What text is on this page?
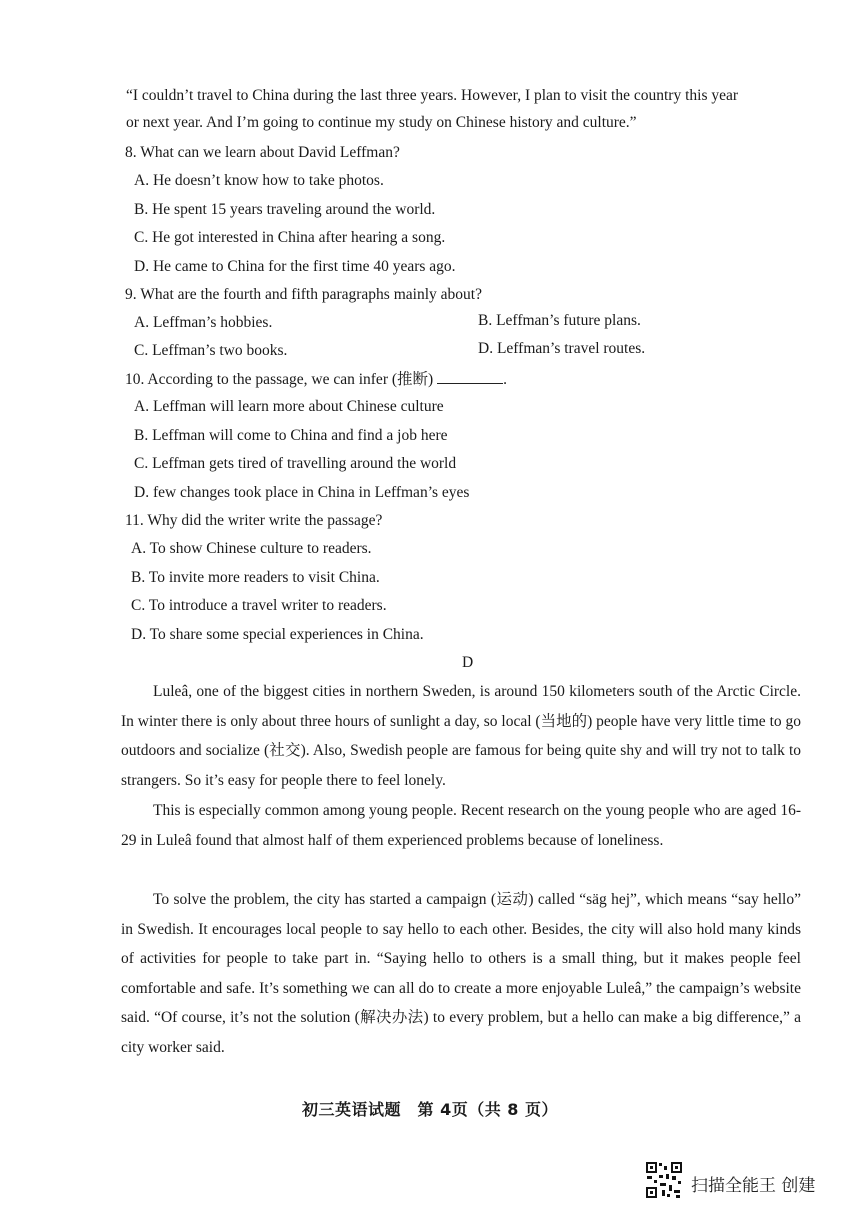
“I couldn’t travel to China during the last three years. However, I plan to visit the country this year
or next year. And I’m going to continue my study on Chinese history and culture.”
8. What can we learn about David Leffman?
A. He doesn’t know how to take photos.
B. He spent 15 years traveling around the world.
C. He got interested in China after hearing a song.
D. He came to China for the first time 40 years ago.
9. What are the fourth and fifth paragraphs mainly about?
A. Leffman’s hobbies.	B. Leffman’s future plans.
C. Leffman’s two books.	D. Leffman’s travel routes.
10. According to the passage, we can infer (推断)	.
A. Leffman will learn more about Chinese culture
B. Leffman will come to China and find a job here
C. Leffman gets tired of travelling around the world
D. few changes took place in China in Leffman’s eyes
11. Why did the writer write the passage?
A. To show Chinese culture to readers.
B. To invite more readers to visit China.
C. To introduce a travel writer to readers.
D. To share some special experiences in China.
D
Luleâ, one of the biggest cities in northern Sweden, is around 150 kilometers south of the Arctic Circle. In winter there is only about three hours of sunlight a day, so local (当地的) people have very little time to go outdoors and socialize (社交). Also, Swedish people are famous for being quite shy and will try not to talk to strangers. So it’s easy for people there to feel lonely.
This is especially common among young people. Recent research on the young people who are aged 16-29 in Luleâ found that almost half of them experienced problems because of loneliness.
To solve the problem, the city has started a campaign (运动) called “säg hej”, which means “say hello” in Swedish. It encourages local people to say hello to each other. Besides, the city will also hold many kinds of activities for people to take part in. “Saying hello to others is a small thing, but it makes people feel comfortable and safe. It’s something we can all do to create a more enjoyable Luleâ,” the campaign’s website said. “Of course, it’s not the solution (解决办法) to every problem, but a hello can make a big difference,” a city worker said.
初三英语试题　第 4页（共 8 页）
扫描全能王 创建
